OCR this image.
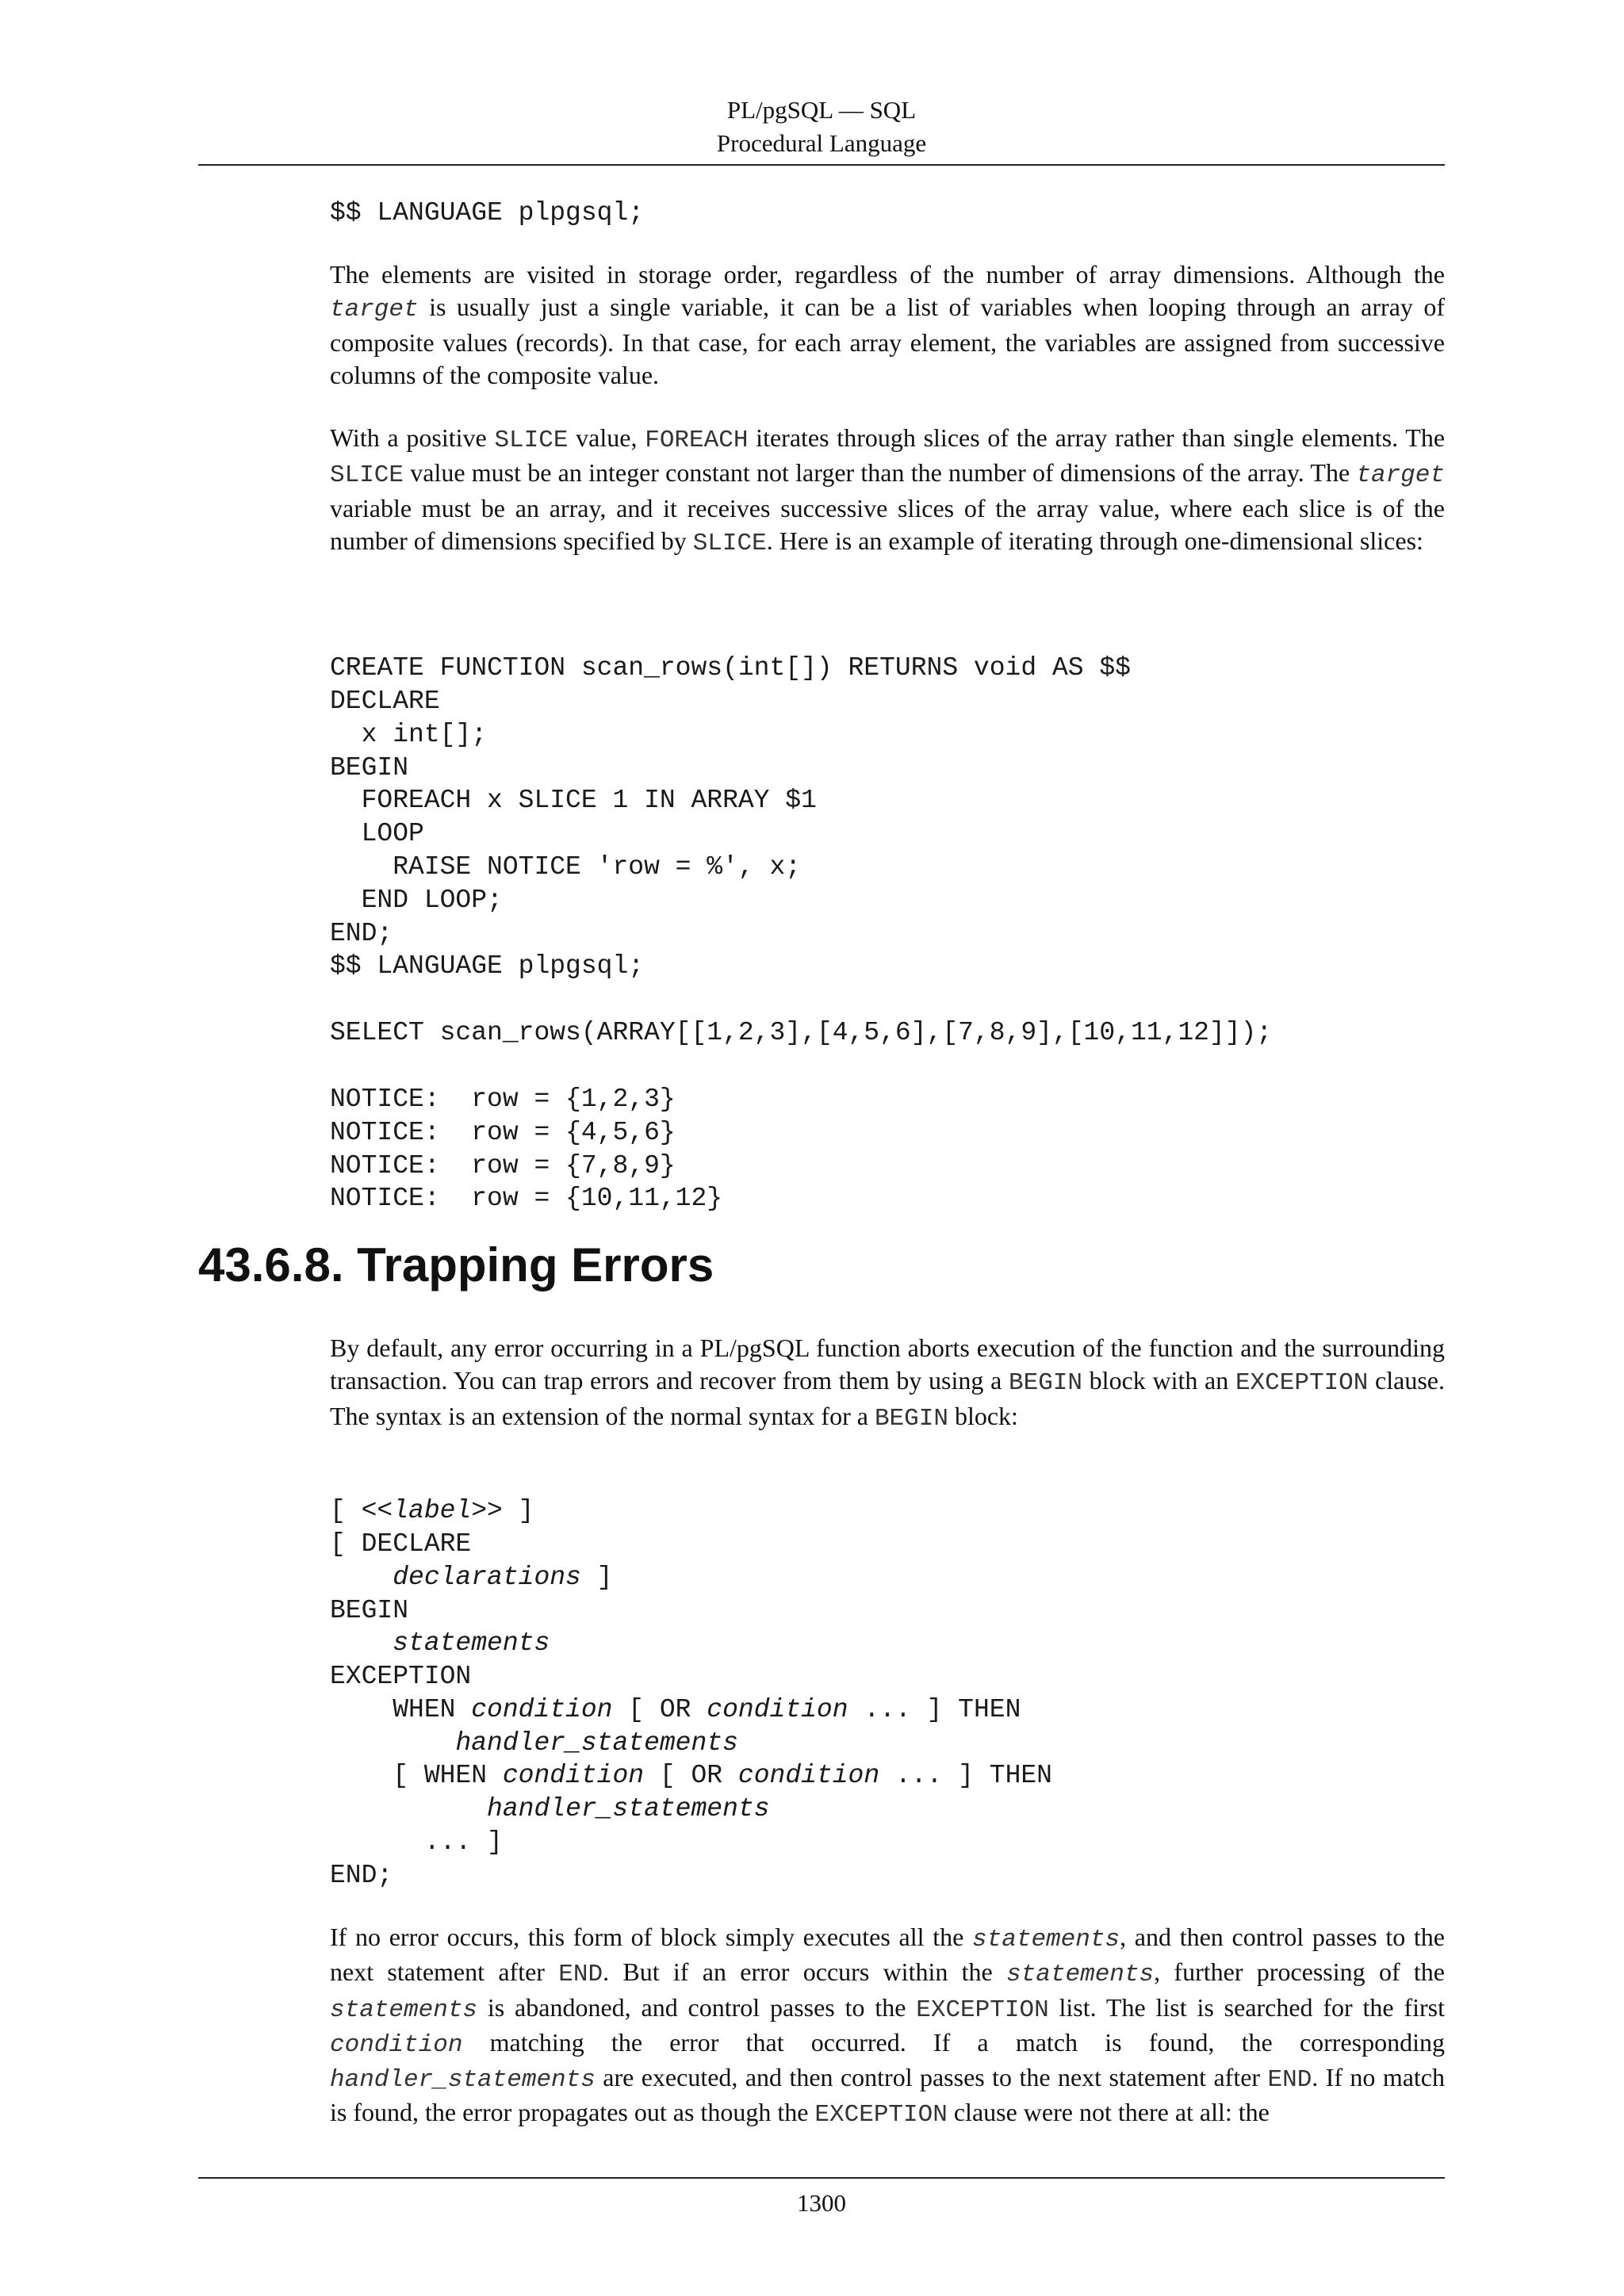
PL/pgSQL — SQL
Procedural Language
$$ LANGUAGE plpgsql;

The elements are visited in storage order, regardless of the number of array dimensions. Although the target is usually just a single variable, it can be a list of variables when looping through an array of composite values (records). In that case, for each array element, the variables are assigned from successive columns of the composite value.

With a positive SLICE value, FOREACH iterates through slices of the array rather than single elements. The SLICE value must be an integer constant not larger than the number of dimensions of the array. The target variable must be an array, and it receives successive slices of the array value, where each slice is of the number of dimensions specified by SLICE. Here is an example of iterating through one-dimensional slices:

CREATE FUNCTION scan_rows(int[]) RETURNS void AS $$
DECLARE
x int[];
BEGIN
FOREACH x SLICE 1 IN ARRAY $1
LOOP
RAISE NOTICE 'row = %', x;
END LOOP;
END;
$$ LANGUAGE plpgsql;
SELECT scan_rows(ARRAY[[1,2,3],[4,5,6],[7,8,9],[10,11,12]]);
NOTICE:  row = {1,2,3}
NOTICE:  row = {4,5,6}
NOTICE:  row = {7,8,9}
NOTICE:  row = {10,11,12}
43.6.8. Trapping Errors

By default, any error occurring in a PL/pgSQL function aborts execution of the function and the surrounding transaction. You can trap errors and recover from them by using a BEGIN block with an EXCEPTION clause. The syntax is an extension of the normal syntax for a BEGIN block:

[ <<label>> ]
[ DECLARE
declarations ]
BEGIN
statements
EXCEPTION
WHEN condition [ OR condition ... ] THEN
handler_statements
[ WHEN condition [ OR condition ... ] THEN
handler_statements
... ]
END;

If no error occurs, this form of block simply executes all the statements, and then control passes to the next statement after END. But if an error occurs within the statements, further processing of the statements is abandoned, and control passes to the EXCEPTION list. The list is searched for the first condition matching the error that occurred. If a match is found, the corresponding handler_statements are executed, and then control passes to the next statement after END. If no match is found, the error propagates out as though the EXCEPTION clause were not there at all: the

1300
